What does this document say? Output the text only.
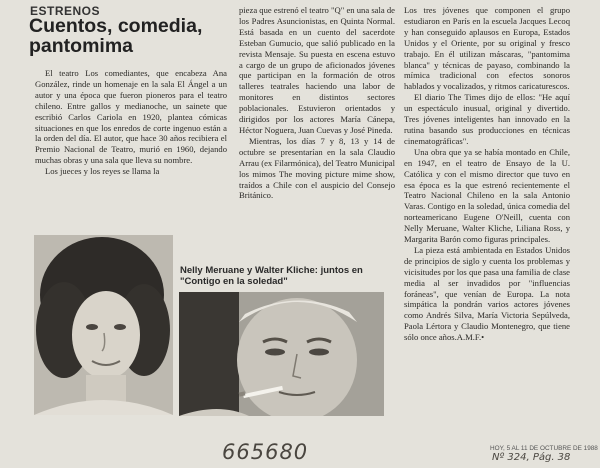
ESTRENOS
Cuentos, comedia, pantomima

El teatro Los comediantes, que encabeza Ana González, rinde un homenaje en la sala El Ángel a un autor y una época que fueron pioneros para el teatro chileno. Entre gallos y medianoche, un sainete que escribió Carlos Cariola en 1920, plantea cómicas situaciones en que los enredos de corte ingenuo están a la orden del día. El autor, que hace 30 años recibiera el Premio Nacional de Teatro, murió en 1960, dejando muchas obras y una sala que lleva su nombre.

Los jueces y los reyes se llama la

pieza que estrenó el teatro "Q" en una sala de los Padres Asuncionistas, en Quinta Normal. Está basada en un cuento del sacerdote Esteban Gumucio, que salió publicado en la revista Mensaje. Su puesta en escena estuvo a cargo de un grupo de aficionados jóvenes que participan en la formación de otros talleres teatrales haciendo una labor de monitores en distintos sectores poblacionales. Estuvieron orientados y dirigidos por los actores María Cánepa, Héctor Noguera, Juan Cuevas y José Pineda.

Mientras, los días 7 y 8, 13 y 14 de octubre se presentarían en la sala Claudio Arrau (ex Filarmónica), del Teatro Municipal los mimos The moving picture mime show, traídos a Chile con el auspicio del Consejo Británico.

Los tres jóvenes que componen el grupo estudiaron en París en la escuela Jacques Lecoq y han conseguido aplausos en Europa, Estados Unidos y el Oriente, por su original y fresco trabajo. En él utilizan máscaras, "pantomima blanca" y técnicas de payaso, combinando la mímica tradicional con efectos sonoros hablados y vocalizados, y ritmos caricaturescos.

El diario The Times dijo de ellos: "He aquí un espectáculo inusual, original y divertido. Tres jóvenes inteligentes han innovado en la rutina basando sus producciones en técnicas cinematográficas".

Una obra que ya se había montado en Chile, en 1947, en el teatro de Ensayo de la U. Católica y con el mismo director que tuvo en esa época es la que estrenó recientemente el Teatro Nacional Chileno en la sala Antonio Varas. Contigo en la soledad, única comedia del norteamericano Eugene O'Neill, cuenta con Nelly Meruane, Walter Kliche, Liliana Ross, y Margarita Barón como figuras principales.

La pieza está ambientada en Estados Unidos de principios de siglo y cuenta los problemas y vicisitudes por los que pasa una familia de clase media al ser invadidos por "influencias foráneas", que venían de Europa. La nota simpática la pondrán varios actores jóvenes como Andrés Silva, María Victoria Sepúlveda, Paola Lértora y Claudio Montenegro, que tiene sólo once años.A.M.F.•

Nelly Meruane y Walter Kliche: juntos en "Contigo en la soledad"
HOY, 5 AL 11 DE OCTUBRE DE 1988
665680	Nº 324, Pág. 38
